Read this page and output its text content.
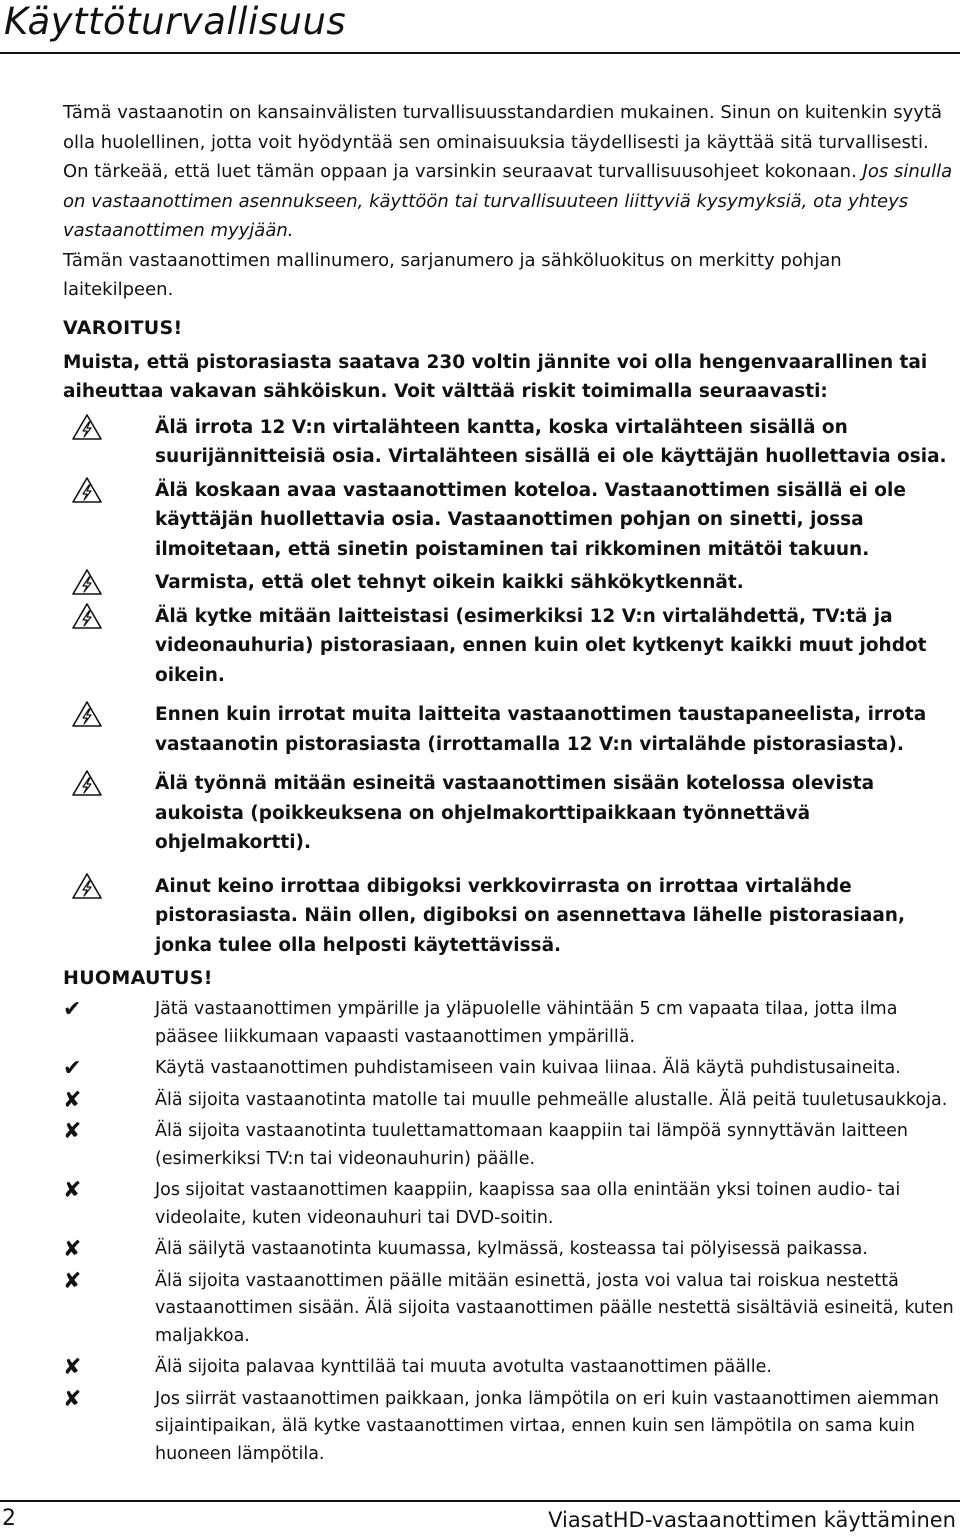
Käyttöturvallisuus

Tämä vastaanotin on kansainvälisten turvallisuusstandardien mukainen. Sinun on kuitenkin syytä olla huolellinen, jotta voit hyödyntää sen ominaisuuksia täydellisesti ja käyttää sitä turvallisesti. On tärkeää, että luet tämän oppaan ja varsinkin seuraavat turvallisuusohjeet kokonaan. Jos sinulla on vastaanottimen asennukseen, käyttöön tai turvallisuuteen liittyviä kysymyksiä, ota yhteys vastaanottimen myyjään.

Tämän vastaanottimen mallinumero, sarjanumero ja sähköluokitus on merkitty pohjan laitekilpeen.

VAROITUS!

Muista, että pistorasiasta saatava 230 voltin jännite voi olla hengenvaarallinen tai aiheuttaa vakavan sähköiskun. Voit välttää riskit toimimalla seuraavasti:

Älä irrota 12 V:n virtalähteen kantta, koska virtalähteen sisällä on suurijännitteisiä osia. Virtalähteen sisällä ei ole käyttäjän huollettavia osia.
Älä koskaan avaa vastaanottimen koteloa. Vastaanottimen sisällä ei ole käyttäjän huollettavia osia. Vastaanottimen pohjan on sinetti, jossa ilmoitetaan, että sinetin poistaminen tai rikkominen mitätöi takuun.
Varmista, että olet tehnyt oikein kaikki sähkökytkennät.
Älä kytke mitään laitteistasi (esimerkiksi 12 V:n virtalähdettä, TV:tä ja videonauhuria) pistorasiaan, ennen kuin olet kytkenyt kaikki muut johdot oikein.
Ennen kuin irrotat muita laitteita vastaanottimen taustapaneelista, irrota vastaanotin pistorasiasta (irrottamalla 12 V:n virtalähde pistorasiasta).
Älä työnnä mitään esineitä vastaanottimen sisään kotelossa olevista aukoista (poikkeuksena on ohjelmakorttipaikkaan työnnettävä ohjelmakortti).
Ainut keino irrottaa dibigoksi verkkovirrasta on irrottaa virtalähde pistorasiasta. Näin ollen, digiboksi on asennettava lähelle pistorasiaan, jonka tulee olla helposti käytettävissä.
HUOMAUTUS!
✔	Jätä vastaanottimen ympärille ja yläpuolelle vähintään 5 cm vapaata tilaa, jotta ilma pääsee liikkumaan vapaasti vastaanottimen ympärillä.
✔	Käytä vastaanottimen puhdistamiseen vain kuivaa liinaa. Älä käytä puhdistusaineita.
✘	Älä sijoita vastaanotinta matolle tai muulle pehmeälle alustalle. Älä peitä tuuletusaukkoja.
✘	Älä sijoita vastaanotinta tuulettamattomaan kaappiin tai lämpöä synnyttävän laitteen (esimerkiksi TV:n tai videonauhurin) päälle.
✘	Jos sijoitat vastaanottimen kaappiin, kaapissa saa olla enintään yksi toinen audio- tai videolaite, kuten videonauhuri tai DVD-soitin.
✘	Älä säilytä vastaanotinta kuumassa, kylmässä, kosteassa tai pölyisessä paikassa.
✘	Älä sijoita vastaanottimen päälle mitään esinettä, josta voi valua tai roiskua nestettä vastaanottimen sisään. Älä sijoita vastaanottimen päälle nestettä sisältäviä esineitä, kuten maljakkoa.
✘	Älä sijoita palavaa kynttilää tai muuta avotulta vastaanottimen päälle.
✘	Jos siirrät vastaanottimen paikkaan, jonka lämpötila on eri kuin vastaanottimen aiemman sijaintipaikan, älä kytke vastaanottimen virtaa, ennen kuin sen lämpötila on sama kuin huoneen lämpötila.
2	ViasatHD-vastaanottimen käyttäminen
